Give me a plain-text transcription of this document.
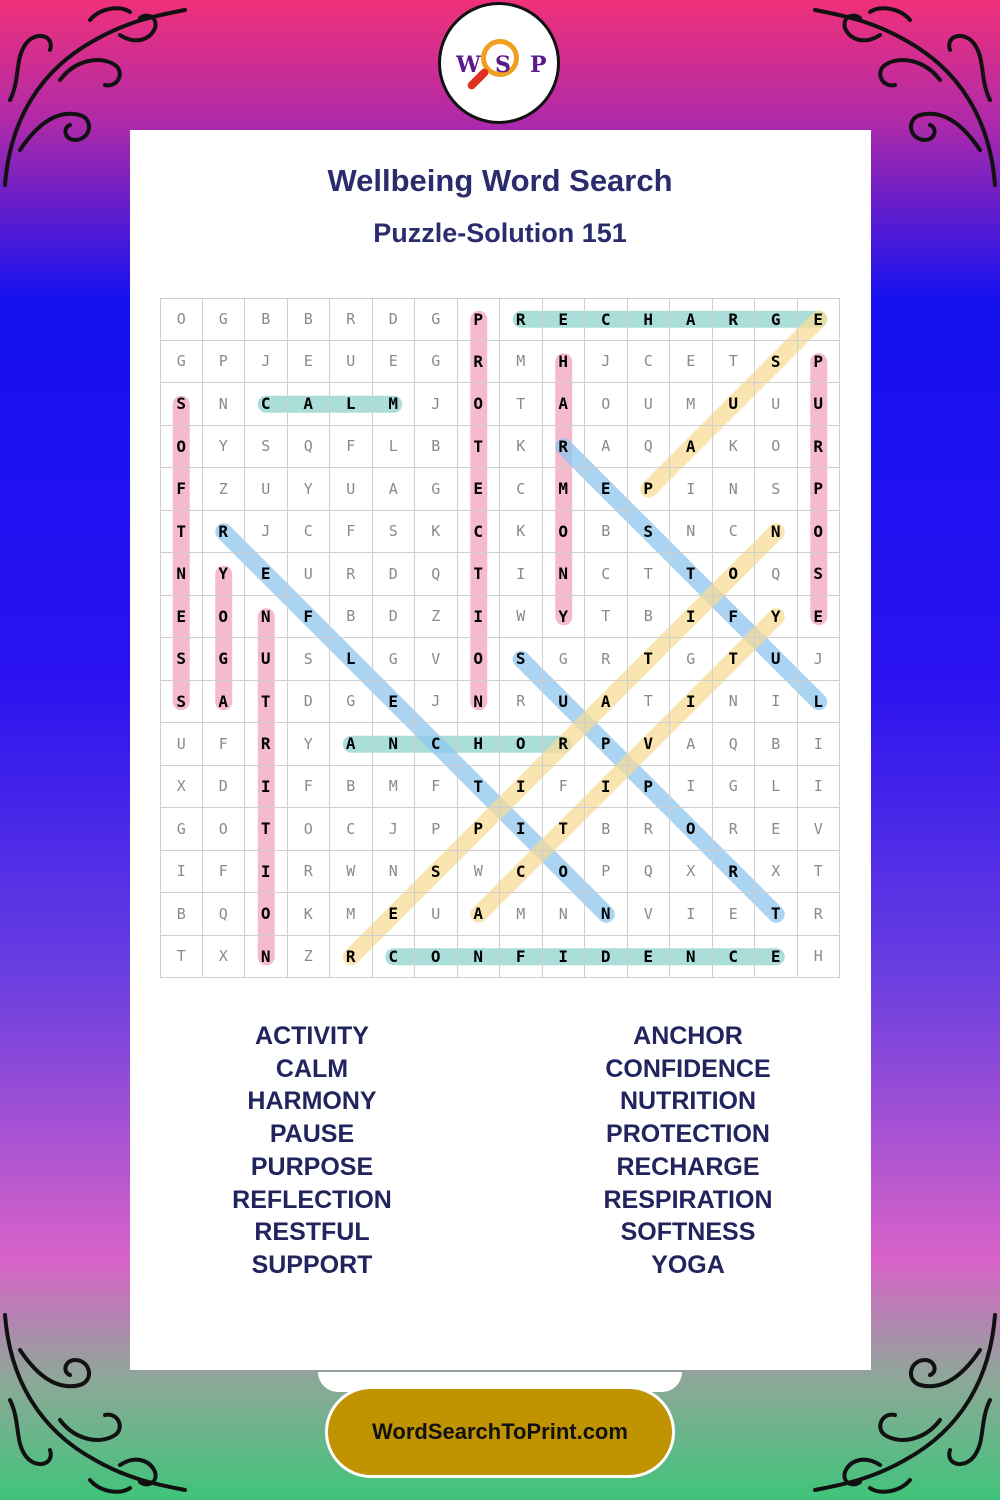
W S P
Wellbeing Word Search
Puzzle-Solution 151
O	G	B	B	R	D	G	P	R	E	C	H	A	R	G	E
G	P	J	E	U	E	G	R	M	H	J	C	E	T	S	P
S	N	C	A	L	M	J	O	T	A	O	U	M	U	U	U
O	Y	S	Q	F	L	B	T	K	R	A	Q	A	K	O	R
F	Z	U	Y	U	A	G	E	C	M	E	P	I	N	S	P
T	R	J	C	F	S	K	C	K	O	B	S	N	C	N	O
N	Y	E	U	R	D	Q	T	I	N	C	T	T	O	Q	S
E	O	N	F	B	D	Z	I	W	Y	T	B	I	F	Y	E
S	G	U	S	L	G	V	O	S	G	R	T	G	T	U	J
S	A	T	D	G	E	J	N	R	U	A	T	I	N	I	L
U	F	R	Y	A	N	C	H	O	R	P	V	A	Q	B	I
X	D	I	F	B	M	F	T	I	F	I	P	I	G	L	I
G	O	T	O	C	J	P	P	I	T	B	R	O	R	E	V
I	F	I	R	W	N	S	W	C	O	P	Q	X	R	X	T
B	Q	O	K	M	E	U	A	M	N	N	V	I	E	T	R
T	X	N	Z	R	C	O	N	F	I	D	E	N	C	E	H
ACTIVITY
CALM
HARMONY
PAUSE
PURPOSE
REFLECTION
RESTFUL
SUPPORT
ANCHOR
CONFIDENCE
NUTRITION
PROTECTION
RECHARGE
RESPIRATION
SOFTNESS
YOGA
WordSearchToPrint.com
